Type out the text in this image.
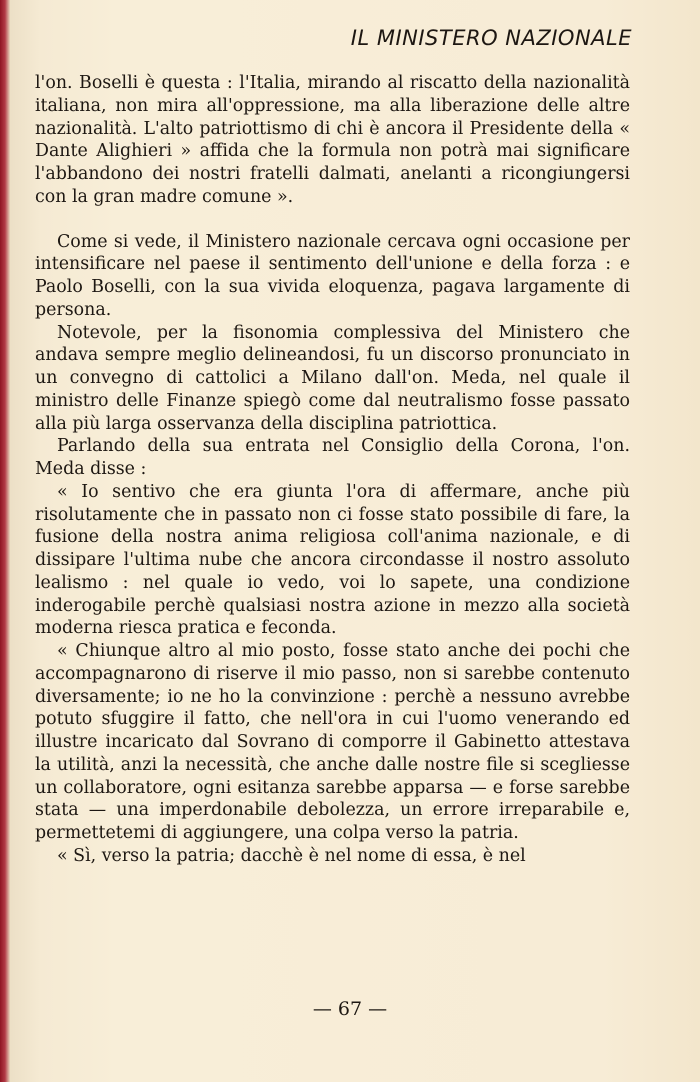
IL MINISTERO NAZIONALE

l'on. Boselli è questa : l'Italia, mirando al riscatto della nazionalità italiana, non mira all'oppressione, ma alla liberazione delle altre nazionalità. L'alto patriottismo di chi è ancora il Presidente della « Dante Alighieri » affida che la formula non potrà mai significare l'abbandono dei nostri fratelli dalmati, anelanti a ricongiungersi con la gran madre comune ».

Come si vede, il Ministero nazionale cercava ogni occasione per intensificare nel paese il sentimento dell'unione e della forza : e Paolo Boselli, con la sua vivida eloquenza, pagava largamente di persona.

Notevole, per la fisonomia complessiva del Ministero che andava sempre meglio delineandosi, fu un discorso pronunciato in un convegno di cattolici a Milano dall'on. Meda, nel quale il ministro delle Finanze spiegò come dal neutralismo fosse passato alla più larga osservanza della disciplina patriottica.

Parlando della sua entrata nel Consiglio della Corona, l'on. Meda disse :

« Io sentivo che era giunta l'ora di affermare, anche più risolutamente che in passato non ci fosse stato possibile di fare, la fusione della nostra anima religiosa coll'anima nazionale, e di dissipare l'ultima nube che ancora circondasse il nostro assoluto lealismo : nel quale io vedo, voi lo sapete, una condizione inderogabile perchè qualsiasi nostra azione in mezzo alla società moderna riesca pratica e feconda.

« Chiunque altro al mio posto, fosse stato anche dei pochi che accompagnarono di riserve il mio passo, non si sarebbe contenuto diversamente; io ne ho la convinzione : perchè a nessuno avrebbe potuto sfuggire il fatto, che nell'ora in cui l'uomo venerando ed illustre incaricato dal Sovrano di comporre il Gabinetto attestava la utilità, anzi la necessità, che anche dalle nostre file si scegliesse un collaboratore, ogni esitanza sarebbe apparsa — e forse sarebbe stata — una imperdonabile debolezza, un errore irreparabile e, permettetemi di aggiungere, una colpa verso la patria.

« Sì, verso la patria; dacchè è nel nome di essa, è nel

— 67 —
